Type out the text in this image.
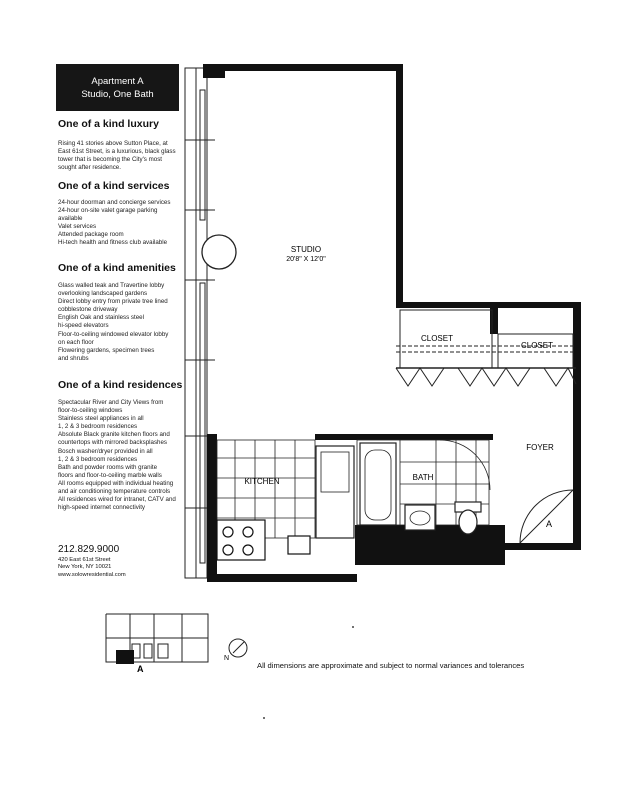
Apartment A
Studio, One Bath
One of a kind luxury
Rising 41 stories above Sutton Place, at
East 61st Street, is a luxurious, black glass
tower that is becoming the City's most
sought after residence.
One of a kind services
24-hour doorman and concierge services
24-hour on-site valet garage parking
available
Valet services
Attended package room
Hi-tech health and fitness club available
One of a kind amenities
Glass walled teak and Travertine lobby
overlooking landscaped gardens
Direct lobby entry from private tree lined
cobblestone driveway
English Oak and stainless steel
hi-speed elevators
Floor-to-ceiling windowed elevator lobby
on each floor
Flowering gardens, specimen trees
and shrubs
One of a kind residences
Spectacular River and City Views from
floor-to-ceiling windows
Stainless steel appliances in all
1, 2 & 3 bedroom residences
Absolute Black granite kitchen floors and
countertops with mirrored backsplashes
Bosch washer/dryer provided in all
1, 2 & 3 bedroom residences
Bath and powder rooms with granite
floors and floor-to-ceiling marble walls
All rooms equipped with individual heating
and air conditioning temperature controls
All residences wired for intranet, CATV and
high-speed internet connectivity
212.829.9000
420 East 61st Street
New York, NY 10021
www.solowresidential.com
STUDIO
20'8" X 12'0"
CLOSET
CLOSET
FOYER
KITCHEN	BATH
A
A
N
All dimensions are approximate and subject to normal variances and tolerances
